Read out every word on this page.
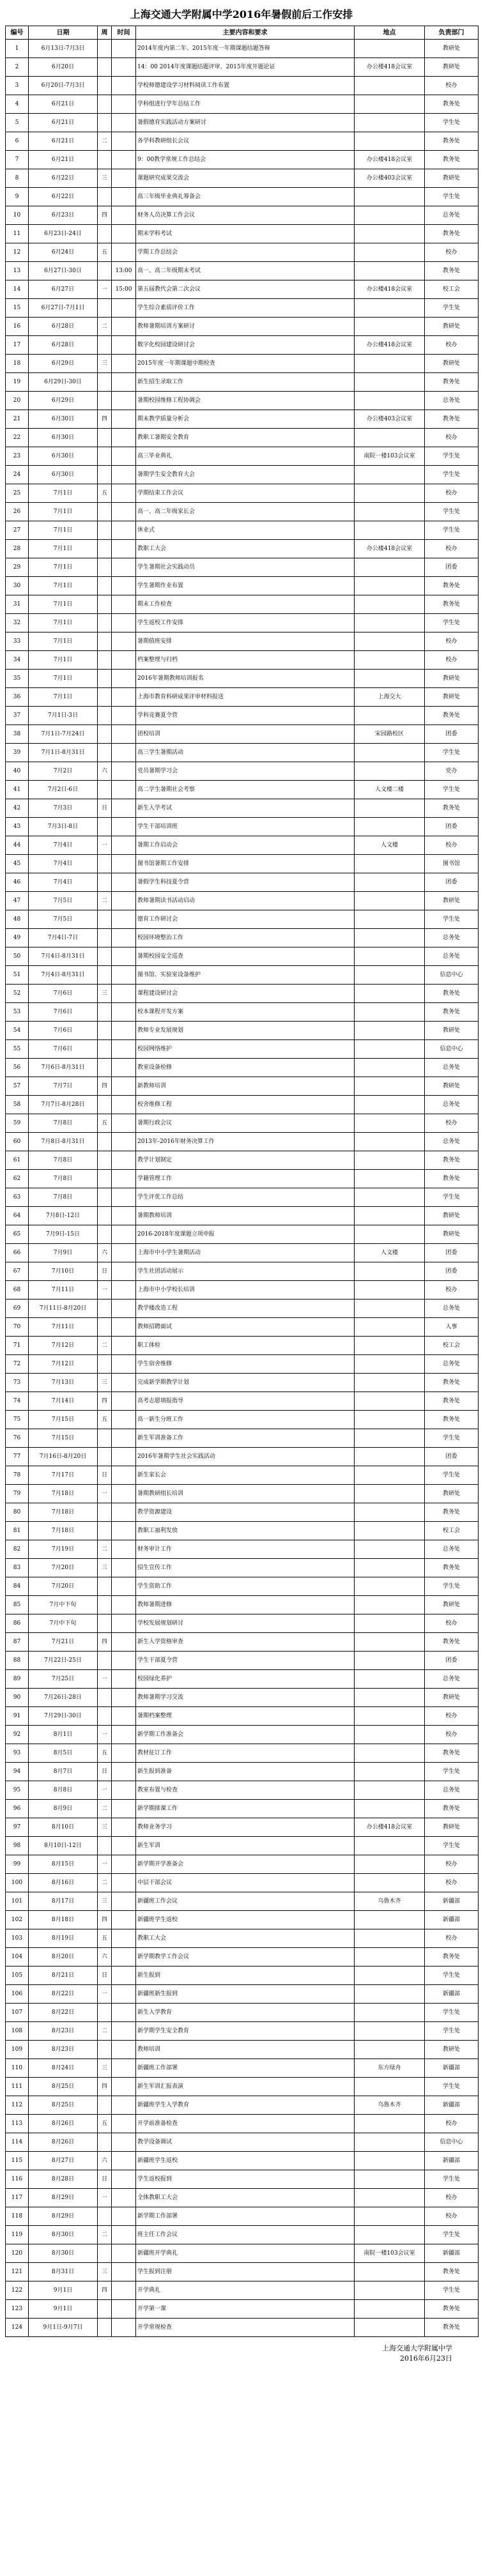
上海交通大学附属中学2016年暑假前后工作安排
编号	日期	周	时间	主要内容和要求	地点	负责部门
1	6月13日-7月3日			2014年度内第二年、2015年度一年期课题结题答辩		教研处
2	6月20日			14：00 2014年度课题结题评审、2015年度开题论证	办公楼418会议室	教研处
3	6月20日-7月3日			学校师德建设学习材料阅读工作布置		校办
4	6月21日			学科组进行学年总结工作		教务处
5	6月21日			暑假德育实践活动方案研讨		学生处
6	6月21日	二		各学科教研组长会议		教务处
7	6月21日			9：00教学常规工作总结会	办公楼418会议室	教务处
8	6月22日	三		课题研究成果交流会	办公楼403会议室	教研处
9	6月22日			高三年级毕业典礼筹备会		学生处
10	6月23日	四		财务人员决算工作会议		总务处
11	6月23日-24日			期末学科考试		教务处
12	6月24日	五		学期工作总结会		校办
13	6月27日-30日		13:00	高一、高二年级期末考试		教务处
14	6月27日	一	15:00	第五届教代会第二次会议	办公楼418会议室	校工会
15	6月27日-7月1日			学生综合素质评价工作		学生处
16	6月28日	二		教师暑期培训方案研讨		教研处
17	6月28日			数字化校园建设研讨会	办公楼418会议室	校办
18	6月29日	三		2015年度一年期课题中期检查		教研处
19	6月29日-30日			新生招生录取工作		教务处
20	6月29日			暑期校园维修工程协调会		总务处
21	6月30日	四		期末教学质量分析会	办公楼403会议室	教务处
22	6月30日			教职工暑期安全教育		校办
23	6月30日			高三毕业典礼	南院一楼103会议室	学生处
24	6月30日			暑期学生安全教育大会		学生处
25	7月1日	五		学期结束工作会议		校办
26	7月1日			高一、高二年级家长会		学生处
27	7月1日			休业式		学生处
28	7月1日			教职工大会	办公楼418会议室	校办
29	7月1日			学生暑期社会实践动员		团委
30	7月1日			学生暑期作业布置		教务处
31	7月1日			期末工作检查		教务处
32	7月1日			学生返校工作安排		学生处
33	7月1日			暑期值班安排		校办
34	7月1日			档案整理与归档		校办
35	7月1日			2016年暑期教师培训报名		教研处
36	7月1日			上海市教育科研成果评审材料报送	上海交大	教研处
37	7月1日-3日			学科竞赛夏令营		教务处
38	7月1日-7月24日			团校培训	宋园路校区	团委
39	7月1日-8月31日			高三学生暑期活动		学生处
40	7月2日	六		党员暑期学习会		党办
41	7月2日-6日			高二学生暑期社会考察	人文楼二楼	学生处
42	7月3日	日		新生入学考试		教务处
43	7月3日-8日			学生干部培训班		团委
44	7月4日	一		暑期工作启动会	人文楼	校办
45	7月4日			图书馆暑期工作安排		图书馆
46	7月4日			暑假学生科技夏令营		团委
47	7月5日	二		教师暑期读书活动启动		教研处
48	7月5日			德育工作研讨会		学生处
49	7月4日-7日			校园环境整治工作		总务处
50	7月4日-8月31日			暑期校园安全巡查		总务处
51	7月4日-8月31日			图书馆、实验室设备维护		信息中心
52	7月6日	三		课程建设研讨会		教务处
53	7月6日			校本课程开发方案		教务处
54	7月6日			教师专业发展规划		教研处
55	7月6日			校园网络维护		信息中心
56	7月6日-8月31日			教室设备检修		总务处
57	7月7日	四		新教师培训		教研处
58	7月7日-8月28日			校舍维修工程		总务处
59	7月8日	五		暑期行政会议		校办
60	7月8日-8月31日			2013年-2016年财务决算工作		总务处
61	7月8日			教学计划制定		教务处
62	7月8日			学籍管理工作		教务处
63	7月8日			学生评优工作总结		学生处
64	7月8日-12日			暑期教师培训		教研处
65	7月9日-15日			2016-2018年度课题立项申报		教研处
66	7月9日	六		上海市中小学生暑期活动	人文楼	团委
67	7月10日	日		学生社团活动展示		团委
68	7月11日	一		上海市中小学校长培训		校办
69	7月11日-8月20日			教学楼改造工程		总务处
70	7月11日			教师招聘面试		人事
71	7月12日	二		职工体检		校工会
72	7月12日			学生宿舍维修		总务处
73	7月13日	三		完成新学期教学计划		教务处
74	7月14日	四		高考志愿填报指导		教务处
75	7月15日	五		高一新生分班工作		教务处
76	7月15日			新生军训准备工作		学生处
77	7月16日-8月20日			2016年暑期学生社会实践活动		团委
78	7月17日	日		新生家长会		学生处
79	7月18日	一		暑期教研组长培训		教研处
80	7月18日			教学资源建设		教务处
81	7月18日			教职工福利发放		校工会
82	7月19日	二		财务审计工作		总务处
83	7月20日	三		招生宣传工作		教务处
84	7月20日			学生资助工作		学生处
85	7月中下旬			教师暑期进修		教研处
86	7月中下旬			学校发展规划研讨		校办
87	7月21日	四		新生入学资格审查		教务处
88	7月22日-25日			学生干部夏令营		团委
89	7月25日	一		校园绿化养护		总务处
90	7月26日-28日			教师暑期学习交流		教研处
91	7月29日-30日			暑期档案整理		校办
92	8月1日	一		新学期工作准备会		校办
93	8月5日	五		教材征订工作		教务处
94	8月7日	日		新生报到准备		学生处
95	8月8日	一		教室布置与检查		总务处
96	8月9日	二		新学期排课工作		教务处
97	8月10日	三		教师业务学习	办公楼418会议室	教研处
98	8月10日-12日			新生军训		学生处
99	8月15日	一		新学期开学准备会		校办
100	8月16日	二		中层干部会议		校办
101	8月17日	三		新疆班工作会议	乌鲁木齐	新疆部
102	8月18日	四		新疆班学生返校		新疆部
103	8月19日	五		教职工大会		校办
104	8月20日	六		新学期教学工作会议		教务处
105	8月21日	日		新生报到		学生处
106	8月22日	一		新疆班新生报到		新疆部
107	8月22日			新生入学教育		学生处
108	8月23日	二		新学期学生安全教育		学生处
109	8月23日			教师培训		教研处
110	8月24日	三		新疆班工作部署	东方绿舟	新疆部
111	8月25日	四		新生军训汇报表演		学生处
112	8月25日			新疆班学生入学教育	乌鲁木齐	新疆部
113	8月26日	五		开学前准备检查		校办
114	8月26日			教学设备调试		信息中心
115	8月27日	六		新疆班学生返校		新疆部
116	8月28日	日		学生返校报到		学生处
117	8月29日	一		全体教职工大会		校办
118	8月29日			新学期工作部署		校办
119	8月30日	二		班主任工作会议		学生处
120	8月30日			新疆班开学典礼	南院一楼103会议室	新疆部
121	8月31日	三		学生报到注册		教务处
122	9月1日	四		开学典礼		学生处
123	9月1日			开学第一课		教务处
124	9月1日-9月7日			开学常规检查		教务处
上海交通大学附属中学
2016年6月23日
